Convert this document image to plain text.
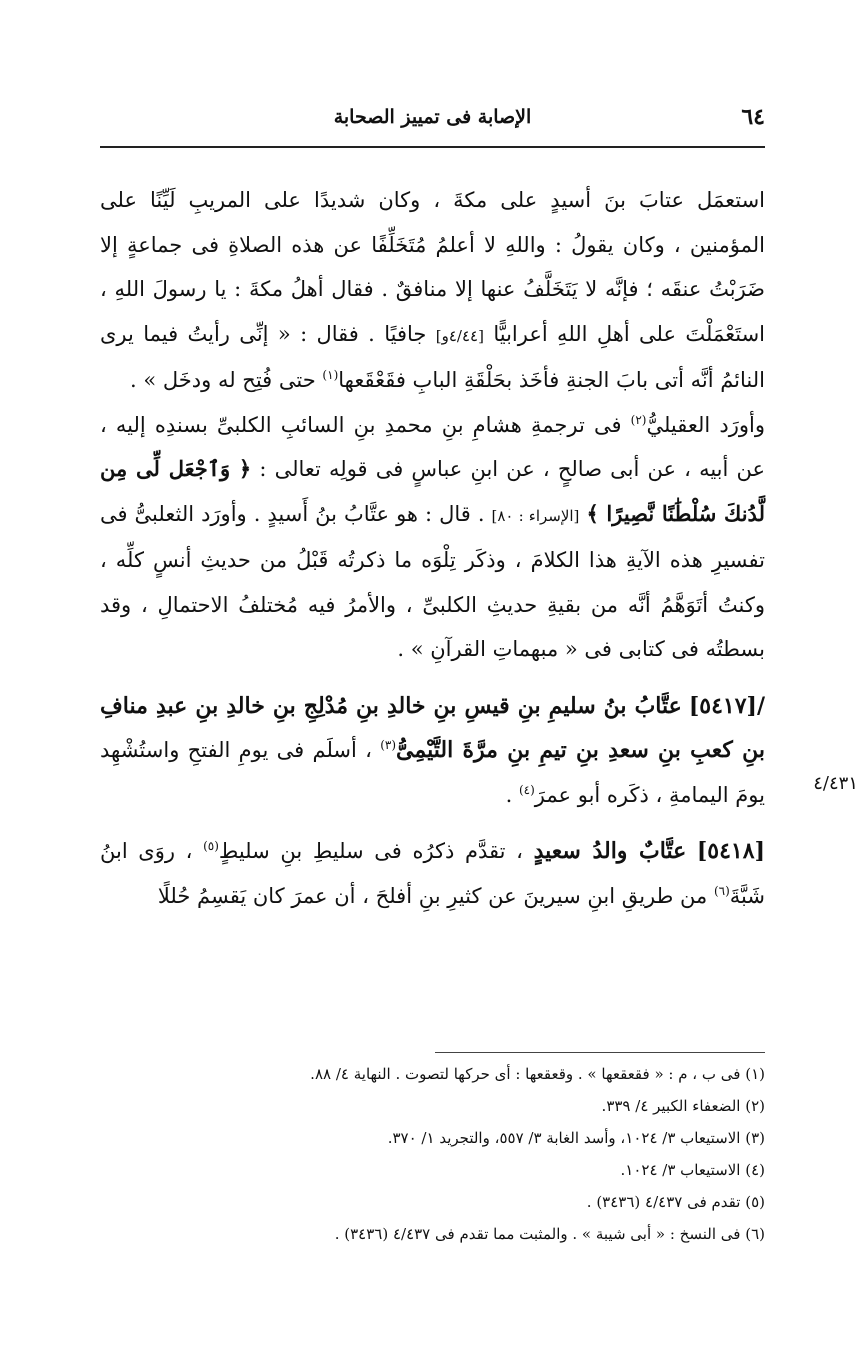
٦٤
الإصابة فى تمييز الصحابة

استعمَل عتابَ بنَ أسيدٍ على مكةَ ، وكان شديدًا على المريبِ لَيِّنًا على المؤمنين ، وكان يقولُ : واللهِ لا أعلمُ مُتَخَلِّفًا عن هذه الصلاةِ فى جماعةٍ إلا ضَرَبْتُ عنقَه ؛ فإنَّه لا يَتَخَلَّفُ عنها إلا منافقٌ . فقال أهلُ مكةَ : يا رسولَ اللهِ ، استَعْمَلْتَ على أهلِ اللهِ أعرابيًّا [٤/٤٤و] جافيًا . فقال : « إنِّى رأيتُ فيما يرى النائمُ أنَّه أتى بابَ الجنةِ فأخَذ بحَلْقَةِ البابِ فقَعْقَعها$^{(١)}$ حتى فُتِح له ودخَل » .

وأورَد العقيليُّ$^{(٢)}$ فى ترجمةِ هشامِ بنِ محمدِ بنِ السائبِ الكلبىِّ بسندِه إليه ، عن أبيه ، عن أبى صالحٍ ، عن ابنِ عباسٍ فى قولِه تعالى : ﴿ وَٱجْعَل لِّى مِن لَّدُنكَ سُلْطَٰنًا نَّصِيرًا ﴾ [الإسراء : ٨٠] . قال : هو عتَّابُ بنُ أَسيدٍ . وأورَد الثعلبىُّ فى تفسيرِ هذه الآيةِ هذا الكلامَ ، وذكَر تِلْوَه ما ذكرتُه قَبْلُ من حديثِ أنسٍ كلِّه ، وكنتُ أتَوَهَّمُ أنَّه من بقيةِ حديثِ الكلبىِّ ، والأمرُ فيه مُختلفُ الاحتمالِ ، وقد بسطتُه فى كتابى فى « مبهماتِ القرآنِ » .

/[٥٤١٧] عتَّابُ بنُ سليمِ بنِ قيسِ بنِ خالدِ بنِ مُدْلِجِ بنِ خالدِ بنِ عبدِ منافِ بنِ كعبِ بنِ سعدِ بنِ تيمِ بنِ مرَّةَ التَّيْمِىُّ$^{(٣)}$ ، أسلَم فى يومِ الفتحِ واستُشْهِد يومَ اليمامةِ ، ذكَره أبو عمرَ$^{(٤)}$ .

[٥٤١٨] عتَّابٌ والدُ سعيدٍ ، تقدَّم ذكرُه فى سليطِ بنِ سليطٍ$^{(٥)}$ ، روَى ابنُ شَبَّةَ$^{(٦)}$ من طريقِ ابنِ سيرينَ عن كثيرِ بنِ أفلحَ ، أن عمرَ كان يَقسِمُ حُللًا

٤/٤٣١
(١) فى ب ، م : « فقعقعها » . وقعقعها : أى حركها لتصوت . النهاية ٤/ ٨٨.
(٢) الضعفاء الكبير ٤/ ٣٣٩.
(٣) الاستيعاب ٣/ ١٠٢٤، وأسد الغابة ٣/ ٥٥٧، والتجريد ١/ ٣٧٠.
(٤) الاستيعاب ٣/ ١٠٢٤.
(٥) تقدم فى ٤/٤٣٧ (٣٤٣٦) .
(٦) فى النسخ : « أبى شيبة » . والمثبت مما تقدم فى ٤/٤٣٧ (٣٤٣٦) .
